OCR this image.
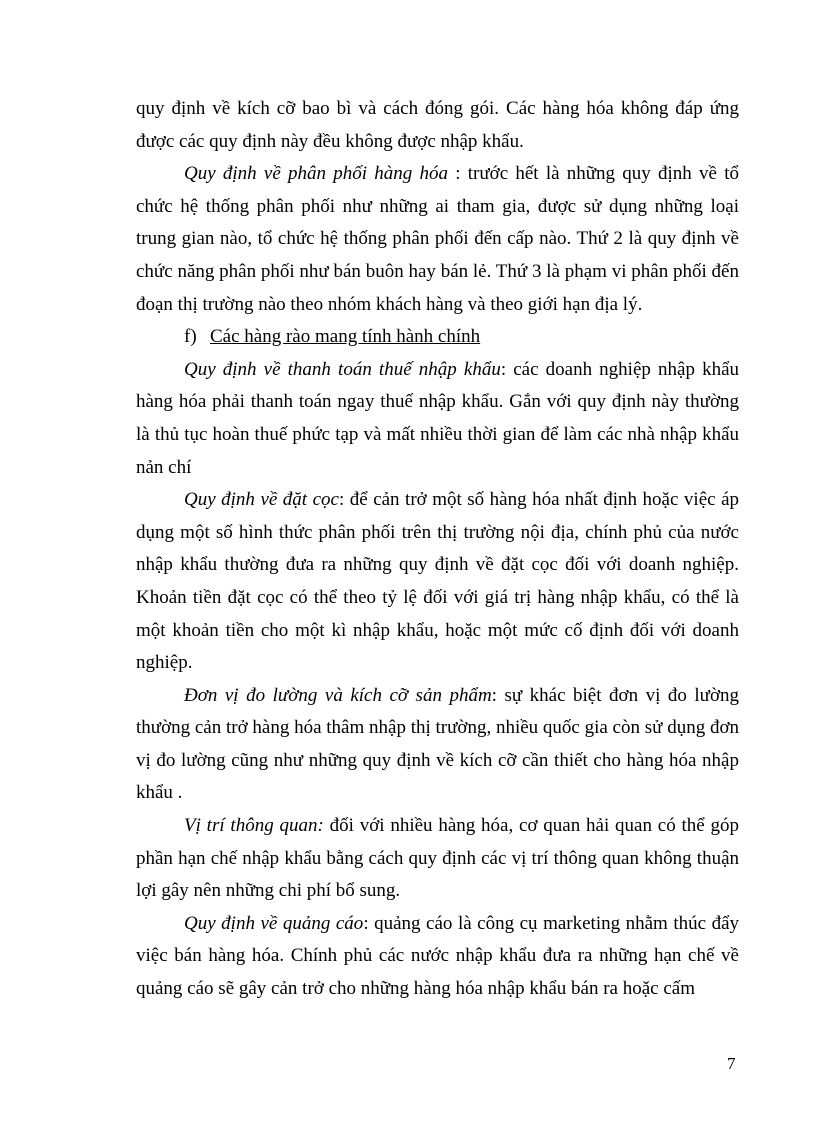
quy định về kích cỡ bao bì và cách đóng gói. Các hàng hóa không đáp ứng được các quy định này đều không được nhập khẩu.

Quy định về phân phối hàng hóa : trước hết là những quy định về tổ chức hệ thống phân phối như những ai tham gia, được sử dụng những loại trung gian nào, tổ chức hệ thống phân phối đến cấp nào. Thứ 2 là quy định về chức năng phân phối như bán buôn hay bán lẻ. Thứ 3 là phạm vi phân phối đến đoạn thị trường nào theo nhóm khách hàng và theo giới hạn địa lý.

f) Các hàng rào mang tính hành chính

Quy định về thanh toán thuế nhập khẩu: các doanh nghiệp nhập khẩu hàng hóa phải thanh toán ngay thuế nhập khẩu. Gắn với quy định này thường là thủ tục hoàn thuế phức tạp và mất nhiều thời gian để làm các nhà nhập khẩu nản chí

Quy định về đặt cọc: để cản trở một số hàng hóa nhất định hoặc việc áp dụng một số hình thức phân phối trên thị trường nội địa, chính phủ của nước nhập khẩu thường đưa ra những quy định về đặt cọc đối với doanh nghiệp. Khoản tiền đặt cọc có thể theo tỷ lệ đối với giá trị hàng nhập khẩu, có thể là một khoản tiền cho một kì nhập khẩu, hoặc một mức cố định đối với doanh nghiệp.

Đơn vị đo lường và kích cỡ sản phẩm: sự khác biệt đơn vị đo lường thường cản trở hàng hóa thâm nhập thị trường, nhiều quốc gia còn sử dụng đơn vị đo lường cũng như những quy định về kích cỡ cần thiết cho hàng hóa nhập khẩu .

Vị trí thông quan: đối với nhiều hàng hóa, cơ quan hải quan có thể góp phần hạn chế nhập khẩu bằng cách quy định các vị trí thông quan không thuận lợi gây nên những chi phí bổ sung.

Quy định về quảng cáo: quảng cáo là công cụ marketing nhằm thúc đẩy việc bán hàng hóa. Chính phủ các nước nhập khẩu đưa ra những hạn chế về quảng cáo sẽ gây cản trở cho những hàng hóa nhập khẩu bán ra hoặc cấm

7
